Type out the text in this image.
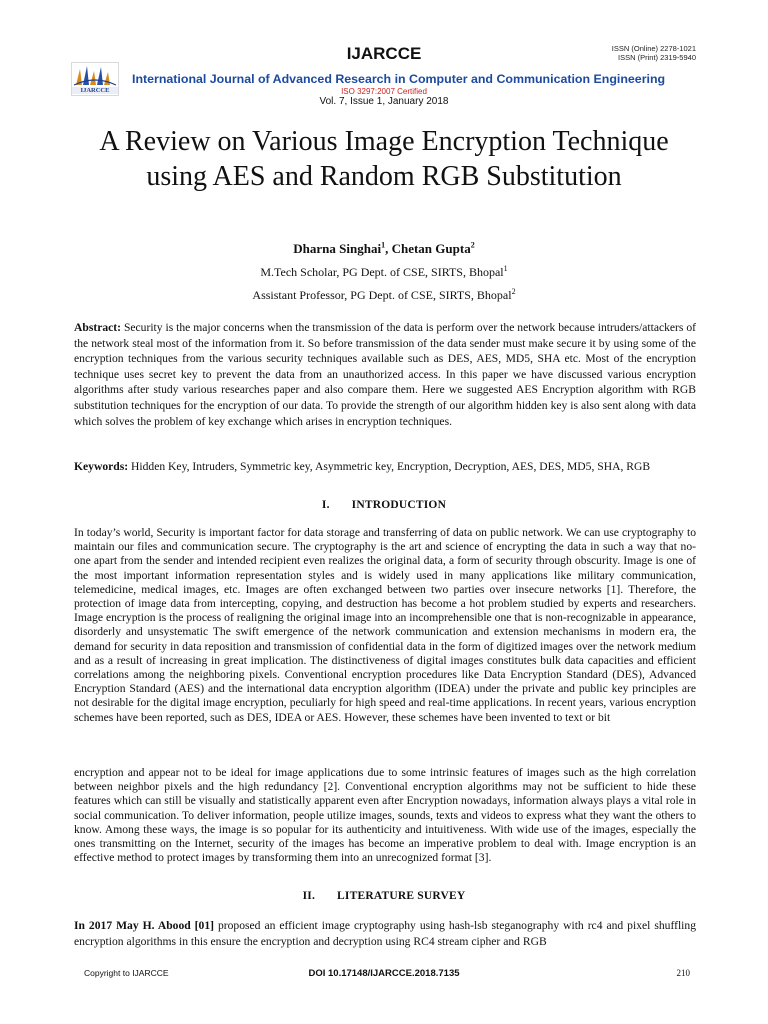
IJARCCE	ISSN (Online) 2278-1021
ISSN (Print) 2319-5940
IJARCCE
International Journal of Advanced Research in Computer and Communication Engineering
ISO 3297:2007 Certified
Vol. 7, Issue 1, January 2018
A Review on Various Image Encryption Technique using AES and Random RGB Substitution
Dharna Singhai$^1$, Chetan Gupta$^2$
M.Tech Scholar, PG Dept. of CSE, SIRTS, Bhopal$^1$
Assistant Professor, PG Dept. of CSE, SIRTS, Bhopal$^2$
Abstract: Security is the major concerns when the transmission of the data is perform over the network because intruders/attackers of the network steal most of the information from it. So before transmission of the data sender must make secure it by using some of the encryption techniques from the various security techniques available such as DES, AES, MD5, SHA etc. Most of the encryption technique uses secret key to prevent the data from an unauthorized access. In this paper we have discussed various encryption algorithms after study various researches paper and also compare them. Here we suggested AES Encryption algorithm with RGB substitution techniques for the encryption of our data. To provide the strength of our algorithm hidden key is also sent along with data which solves the problem of key exchange which arises in encryption techniques.
Keywords: Hidden Key, Intruders, Symmetric key, Asymmetric key, Encryption, Decryption, AES, DES, MD5, SHA, RGB
I. INTRODUCTION
In today’s world, Security is important factor for data storage and transferring of data on public network. We can use cryptography to maintain our files and communication secure. The cryptography is the art and science of encrypting the data in such a way that no-one apart from the sender and intended recipient even realizes the original data, a form of security through obscurity. Image is one of the most important information representation styles and is widely used in many applications like military communication, telemedicine, medical images, etc. Images are often exchanged between two parties over insecure networks [1]. Therefore, the protection of image data from intercepting, copying, and destruction has become a hot problem studied by experts and researchers. Image encryption is the process of realigning the original image into an incomprehensible one that is non-recognizable in appearance, disorderly and unsystematic The swift emergence of the network communication and extension mechanisms in modern era, the demand for security in data reposition and transmission of confidential data in the form of digitized images over the network medium and as a result of increasing in great implication. The distinctiveness of digital images constitutes bulk data capacities and efficient correlations among the neighboring pixels. Conventional encryption procedures like Data Encryption Standard (DES), Advanced Encryption Standard (AES) and the international data encryption algorithm (IDEA) under the private and public key principles are not desirable for the digital image encryption, peculiarly for high speed and real-time applications. In recent years, various encryption schemes have been reported, such as DES, IDEA or AES. However, these schemes have been invented to text or bit
encryption and appear not to be ideal for image applications due to some intrinsic features of images such as the high correlation between neighbor pixels and the high redundancy [2]. Conventional encryption algorithms may not be sufficient to hide these features which can still be visually and statistically apparent even after Encryption nowadays, information always plays a vital role in social communication. To deliver information, people utilize images, sounds, texts and videos to express what they want the others to know. Among these ways, the image is so popular for its authenticity and intuitiveness. With wide use of the images, especially the ones transmitting on the Internet, security of the images has become an imperative problem to deal with. Image encryption is an effective method to protect images by transforming them into an unrecognized format [3].
II. LITERATURE SURVEY
In 2017 May H. Abood [01] proposed an efficient image cryptography using hash-lsb steganography with rc4 and pixel shuffling encryption algorithms in this ensure the encryption and decryption using RC4 stream cipher and RGB
Copyright to IJARCCE	DOI 10.17148/IJARCCE.2018.7135	210
